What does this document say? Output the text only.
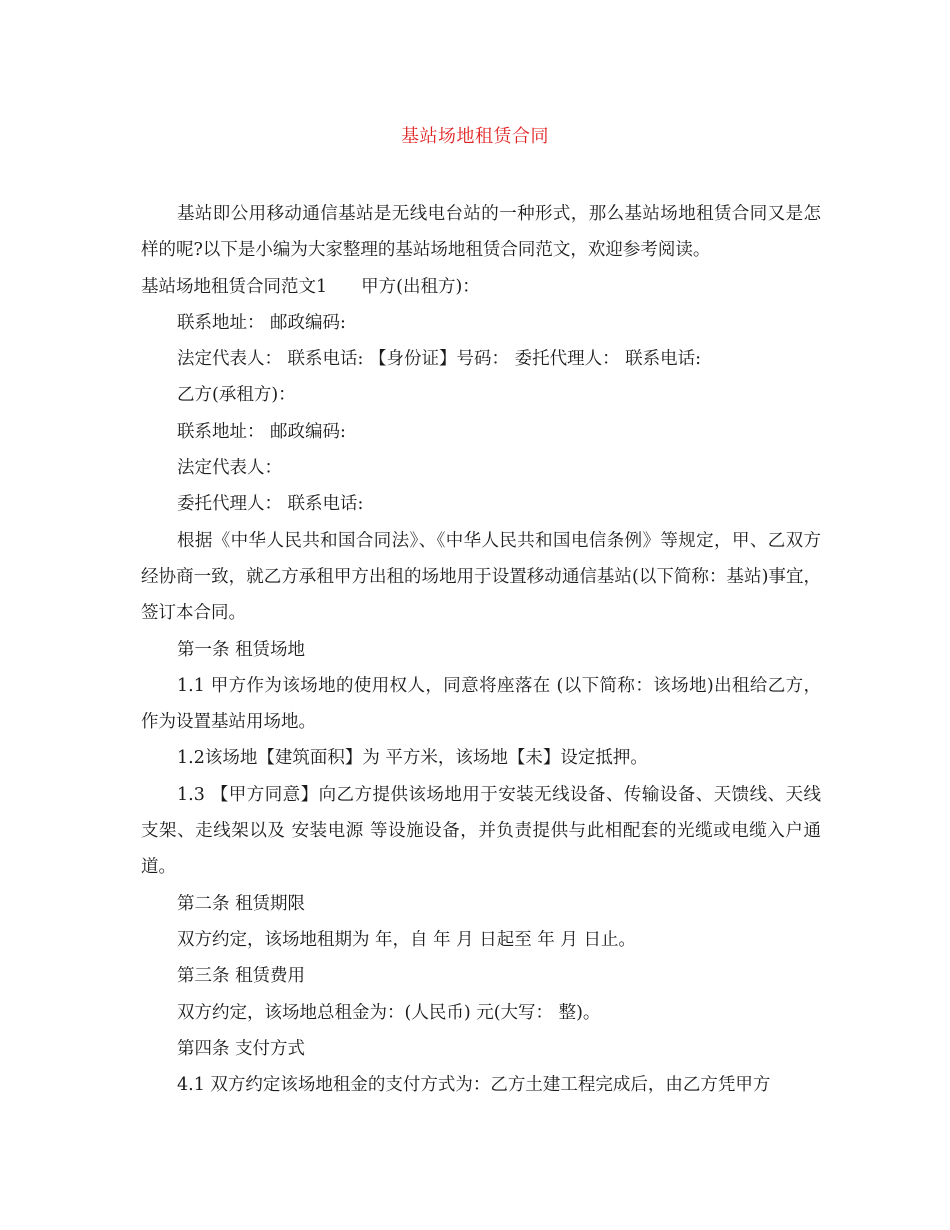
基站场地租赁合同

基站即公用移动通信基站是无线电台站的一种形式，那么基站场地租赁合同又是怎样的呢?以下是小编为大家整理的基站场地租赁合同范文，欢迎参考阅读。

基站场地租赁合同范文1 甲方(出租方)：

联系地址： 邮政编码:

法定代表人： 联系电话: 【身份证】号码： 委托代理人： 联系电话:

乙方(承租方)：

联系地址： 邮政编码:

法定代表人：

委托代理人： 联系电话:

根据《中华人民共和国合同法》、《中华人民共和国电信条例》等规定，甲、乙双方经协商一致，就乙方承租甲方出租的场地用于设置移动通信基站(以下简称：基站)事宜，签订本合同。

第一条 租赁场地

1.1 甲方作为该场地的使用权人，同意将座落在 (以下简称：该场地)出租给乙方，作为设置基站用场地。

1.2该场地【建筑面积】为 平方米，该场地【未】设定抵押。

1.3 【甲方同意】向乙方提供该场地用于安装无线设备、传输设备、天馈线、天线支架、走线架以及 安装电源 等设施设备，并负责提供与此相配套的光缆或电缆入户通道。

第二条 租赁期限

双方约定，该场地租期为 年，自 年 月 日起至 年 月 日止。

第三条 租赁费用

双方约定，该场地总租金为：(人民币) 元(大写： 整)。

第四条 支付方式

4.1 双方约定该场地租金的支付方式为：乙方土建工程完成后，由乙方凭甲方
